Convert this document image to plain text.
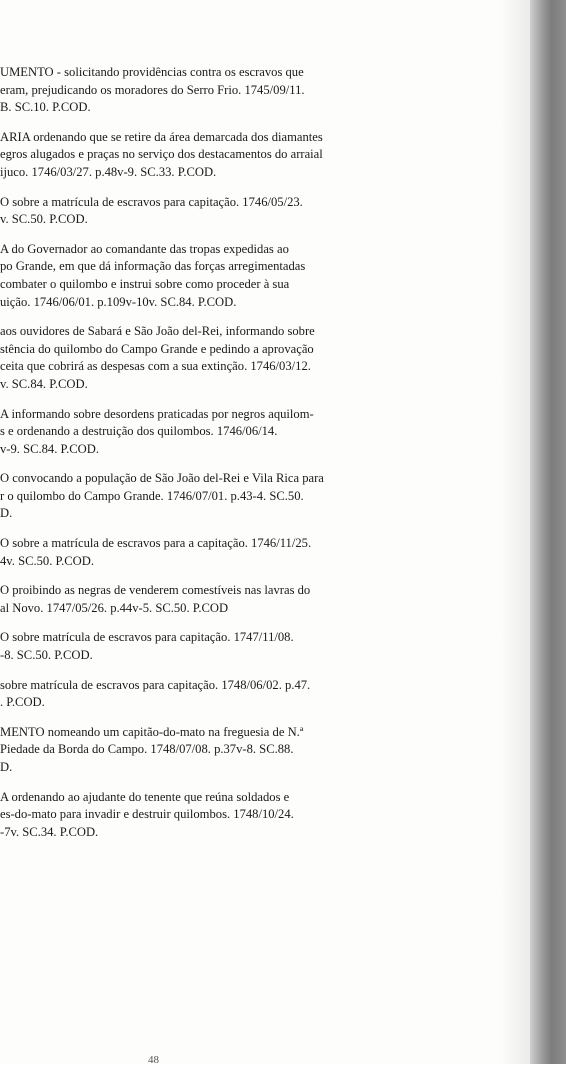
UMENTO - solicitando providências contra os escravos que
eram, prejudicando os moradores do Serro Frio. 1745/09/11.
B. SC.10. P.COD.

ARIA ordenando que se retire da área demarcada dos diamantes
egros alugados e praças no serviço dos destacamentos do arraial
ijuco. 1746/03/27. p.48v-9. SC.33. P.COD.

O sobre a matrícula de escravos para capitação. 1746/05/23.
v. SC.50. P.COD.

A do Governador ao comandante das tropas expedidas ao
po Grande, em que dá informação das forças arregimentadas
combater o quilombo e instrui sobre como proceder à sua
uição. 1746/06/01. p.109v-10v. SC.84. P.COD.

aos ouvidores de Sabará e São João del-Rei, informando sobre
stência do quilombo do Campo Grande e pedindo a aprovação
ceita que cobrirá as despesas com a sua extinção. 1746/03/12.
v. SC.84. P.COD.

A informando sobre desordens praticadas por negros aquilom-
s e ordenando a destruição dos quilombos. 1746/06/14.
v-9. SC.84. P.COD.

O convocando a população de São João del-Rei e Vila Rica para
r o quilombo do Campo Grande. 1746/07/01. p.43-4. SC.50.
D.

O sobre a matrícula de escravos para a capitação. 1746/11/25.
4v. SC.50. P.COD.

O proibindo as negras de venderem comestíveis nas lavras do
al Novo. 1747/05/26. p.44v-5. SC.50. P.COD

O sobre matrícula de escravos para capitação. 1747/11/08.
-8. SC.50. P.COD.

sobre matrícula de escravos para capitação. 1748/06/02. p.47.
. P.COD.

MENTO nomeando um capitão-do-mato na freguesia de N.ª
Piedade da Borda do Campo. 1748/07/08. p.37v-8. SC.88.
D.

A ordenando ao ajudante do tenente que reúna soldados e
es-do-mato para invadir e destruir quilombos. 1748/10/24.
-7v. SC.34. P.COD.

48
